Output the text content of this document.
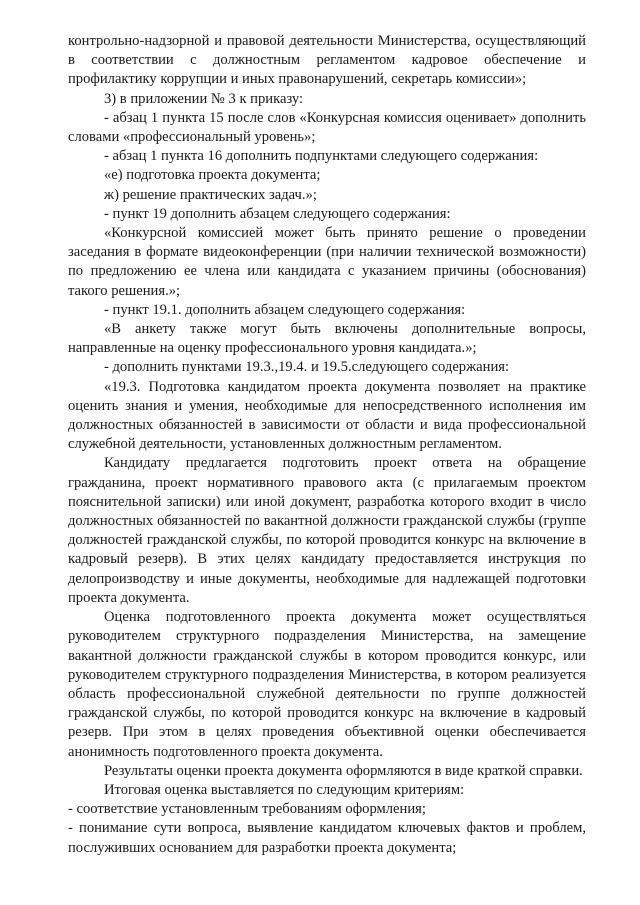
контрольно-надзорной и правовой деятельности Министерства, осуществляющий в соответствии с должностным регламентом кадровое обеспечение и профилактику коррупции и иных правонарушений, секретарь комиссии»;

3) в приложении № 3 к приказу:

- абзац 1 пункта 15 после слов «Конкурсная комиссия оценивает» дополнить словами «профессиональный уровень»;

- абзац 1 пункта 16 дополнить подпунктами следующего содержания:

«е) подготовка проекта документа;

ж) решение практических задач.»;

- пункт 19 дополнить абзацем следующего содержания:

«Конкурсной комиссией может быть принято решение о проведении заседания в формате видеоконференции (при наличии технической возможности) по предложению ее члена или кандидата с указанием причины (обоснования) такого решения.»;

- пункт 19.1. дополнить абзацем следующего содержания:

«В анкету также могут быть включены дополнительные вопросы, направленные на оценку профессионального уровня кандидата.»;

- дополнить пунктами 19.3.,19.4. и 19.5.следующего содержания:

«19.3. Подготовка кандидатом проекта документа позволяет на практике оценить знания и умения, необходимые для непосредственного исполнения им должностных обязанностей в зависимости от области и вида профессиональной служебной деятельности, установленных должностным регламентом.

Кандидату предлагается подготовить проект ответа на обращение гражданина, проект нормативного правового акта (с прилагаемым проектом пояснительной записки) или иной документ, разработка которого входит в число должностных обязанностей по вакантной должности гражданской службы (группе должностей гражданской службы, по которой проводится конкурс на включение в кадровый резерв). В этих целях кандидату предоставляется инструкция по делопроизводству и иные документы, необходимые для надлежащей подготовки проекта документа.

Оценка подготовленного проекта документа может осуществляться руководителем структурного подразделения Министерства, на замещение вакантной должности гражданской службы в котором проводится конкурс, или руководителем структурного подразделения Министерства, в котором реализуется область профессиональной служебной деятельности по группе должностей гражданской службы, по которой проводится конкурс на включение в кадровый резерв. При этом в целях проведения объективной оценки обеспечивается анонимность подготовленного проекта документа.

Результаты оценки проекта документа оформляются в виде краткой справки.

Итоговая оценка выставляется по следующим критериям:

- соответствие установленным требованиям оформления;

- понимание сути вопроса, выявление кандидатом ключевых фактов и проблем, послуживших основанием для разработки проекта документа;
